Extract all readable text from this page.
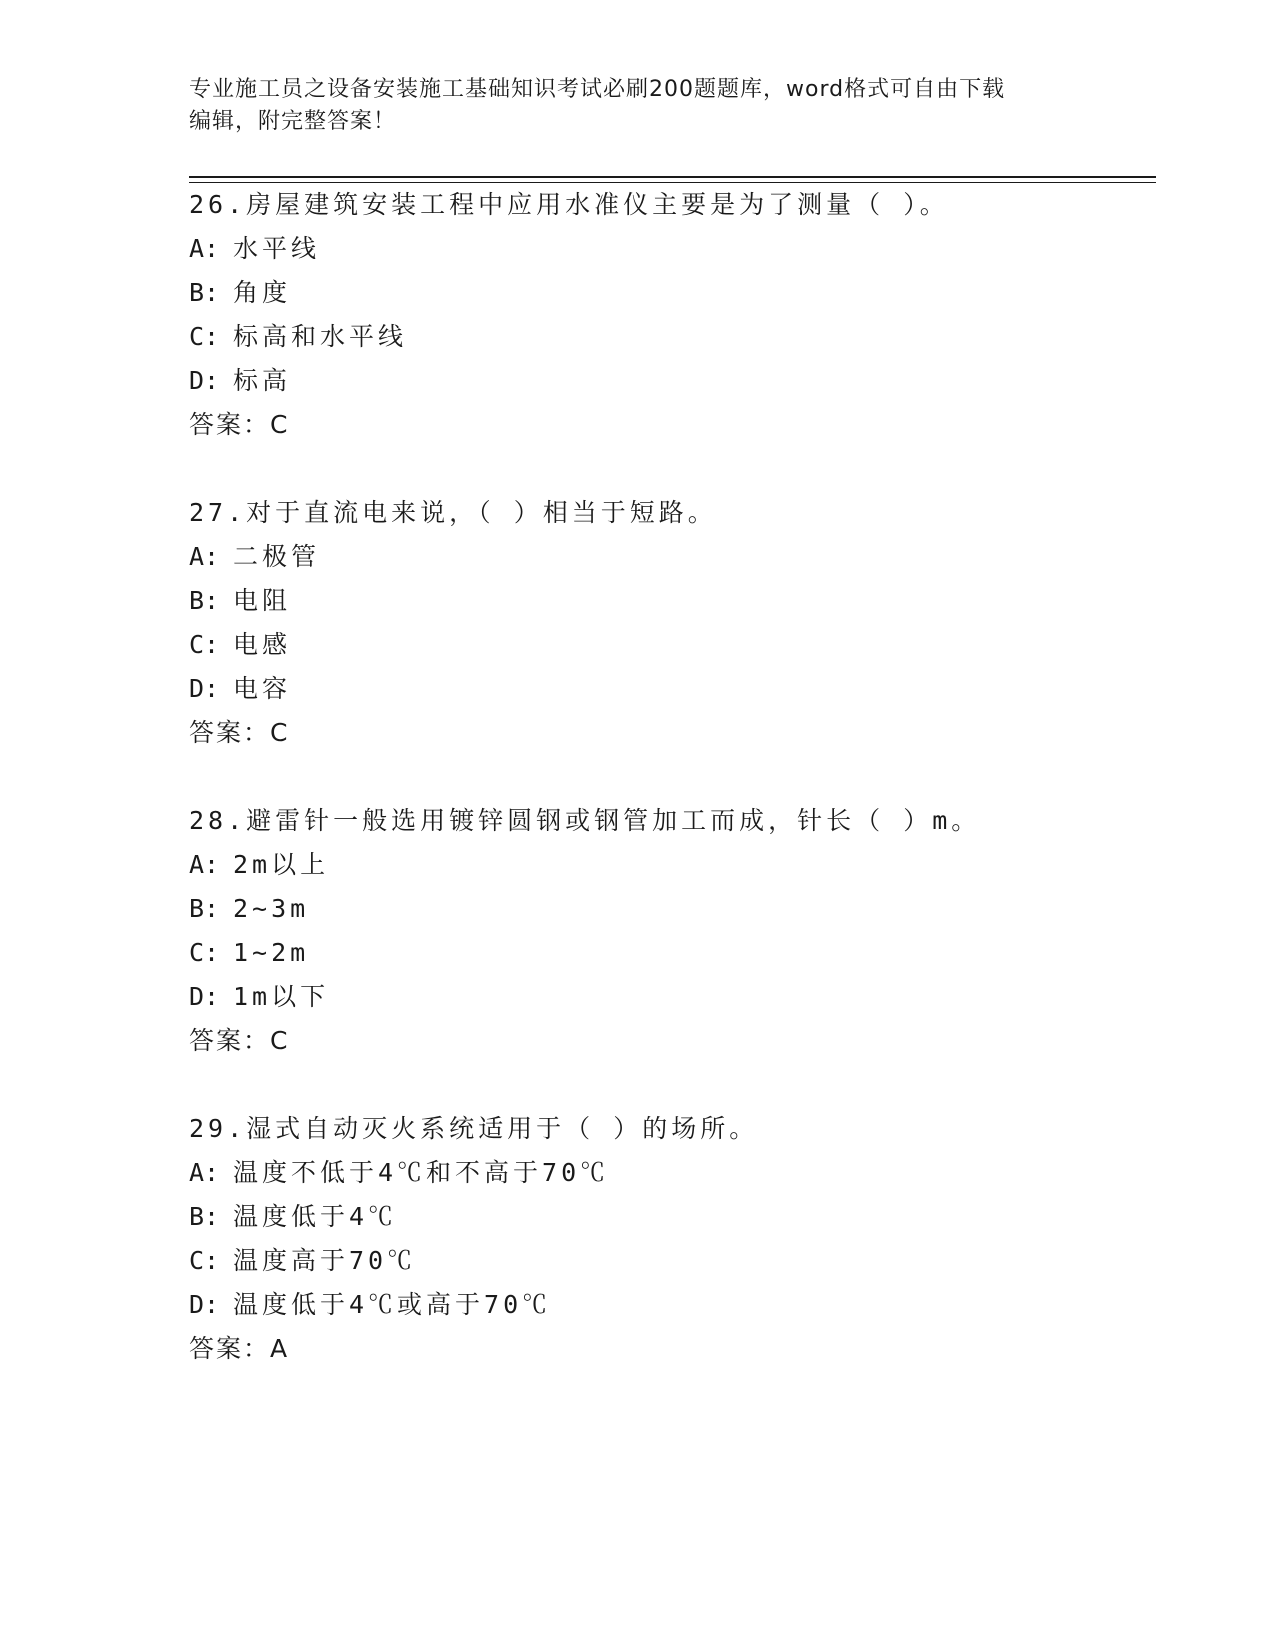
专业施工员之设备安装施工基础知识考试必刷200题题库，word格式可自由下载
编辑，附完整答案！
26.房屋建筑安装工程中应用水准仪主要是为了测量（ ）。
A: 水平线
B: 角度
C: 标高和水平线
D: 标高
答案：C
27.对于直流电来说，（ ）相当于短路。
A: 二极管
B: 电阻
C: 电感
D: 电容
答案：C
28.避雷针一般选用镀锌圆钢或钢管加工而成，针长（ ）m。
A: 2m以上
B: 2~3m
C: 1~2m
D: 1m以下
答案：C
29.湿式自动灭火系统适用于（ ）的场所。
A: 温度不低于4℃和不高于70℃
B: 温度低于4℃
C: 温度高于70℃
D: 温度低于4℃或高于70℃
答案：A
